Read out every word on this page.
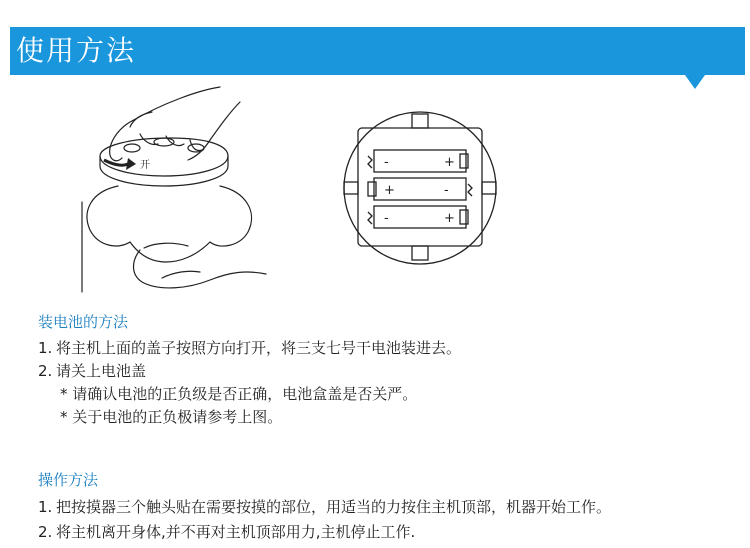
使用方法
开	-	+
+	-
-	+
装电池的方法
1. 将主机上面的盖子按照方向打开，将三支七号干电池装进去。
2. 请关上电池盖
* 请确认电池的正负级是否正确，电池盒盖是否关严。
* 关于电池的正负极请参考上图。
操作方法
1. 把按摸器三个触头贴在需要按摸的部位，用适当的力按住主机顶部，机器开始工作。
2. 将主机离开身体,并不再对主机顶部用力,主机停止工作.
